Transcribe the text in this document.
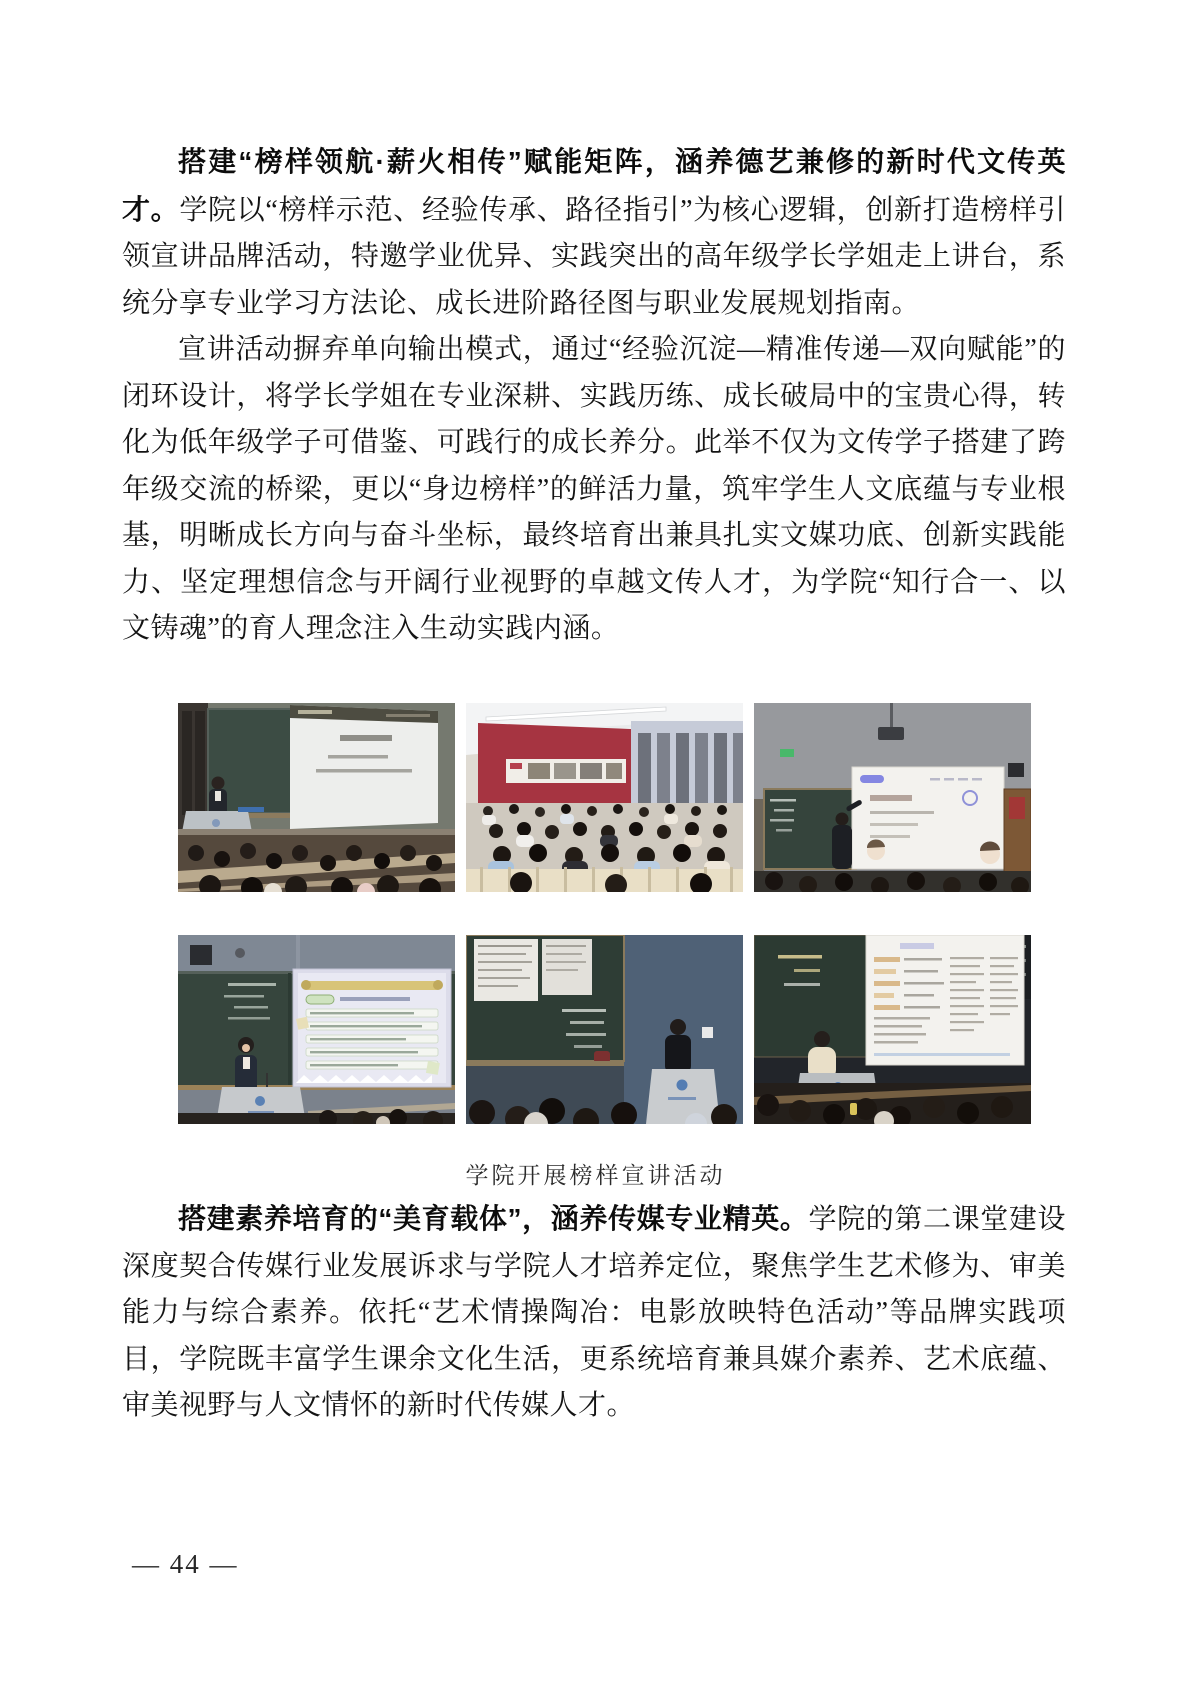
搭建“榜样领航·薪火相传”赋能矩阵，涵养德艺兼修的新时代文传英才。学院以“榜样示范、经验传承、路径指引”为核心逻辑，创新打造榜样引领宣讲品牌活动，特邀学业优异、实践突出的高年级学长学姐走上讲台，系统分享专业学习方法论、成长进阶路径图与职业发展规划指南。

宣讲活动摒弃单向输出模式，通过“经验沉淀—精准传递—双向赋能”的闭环设计，将学长学姐在专业深耕、实践历练、成长破局中的宝贵心得，转化为低年级学子可借鉴、可践行的成长养分。此举不仅为文传学子搭建了跨年级交流的桥梁，更以“身边榜样”的鲜活力量，筑牢学生人文底蕴与专业根基，明晰成长方向与奋斗坐标，最终培育出兼具扎实文媒功底、创新实践能力、坚定理想信念与开阔行业视野的卓越文传人才，为学院“知行合一、以文铸魂”的育人理念注入生动实践内涵。

学院开展榜样宣讲活动

搭建素养培育的“美育载体”，涵养传媒专业精英。学院的第二课堂建设深度契合传媒行业发展诉求与学院人才培养定位，聚焦学生艺术修为、审美能力与综合素养。依托“艺术情操陶冶：电影放映特色活动”等品牌实践项目，学院既丰富学生课余文化生活，更系统培育兼具媒介素养、艺术底蕴、审美视野与人文情怀的新时代传媒人才。

— 44 —
